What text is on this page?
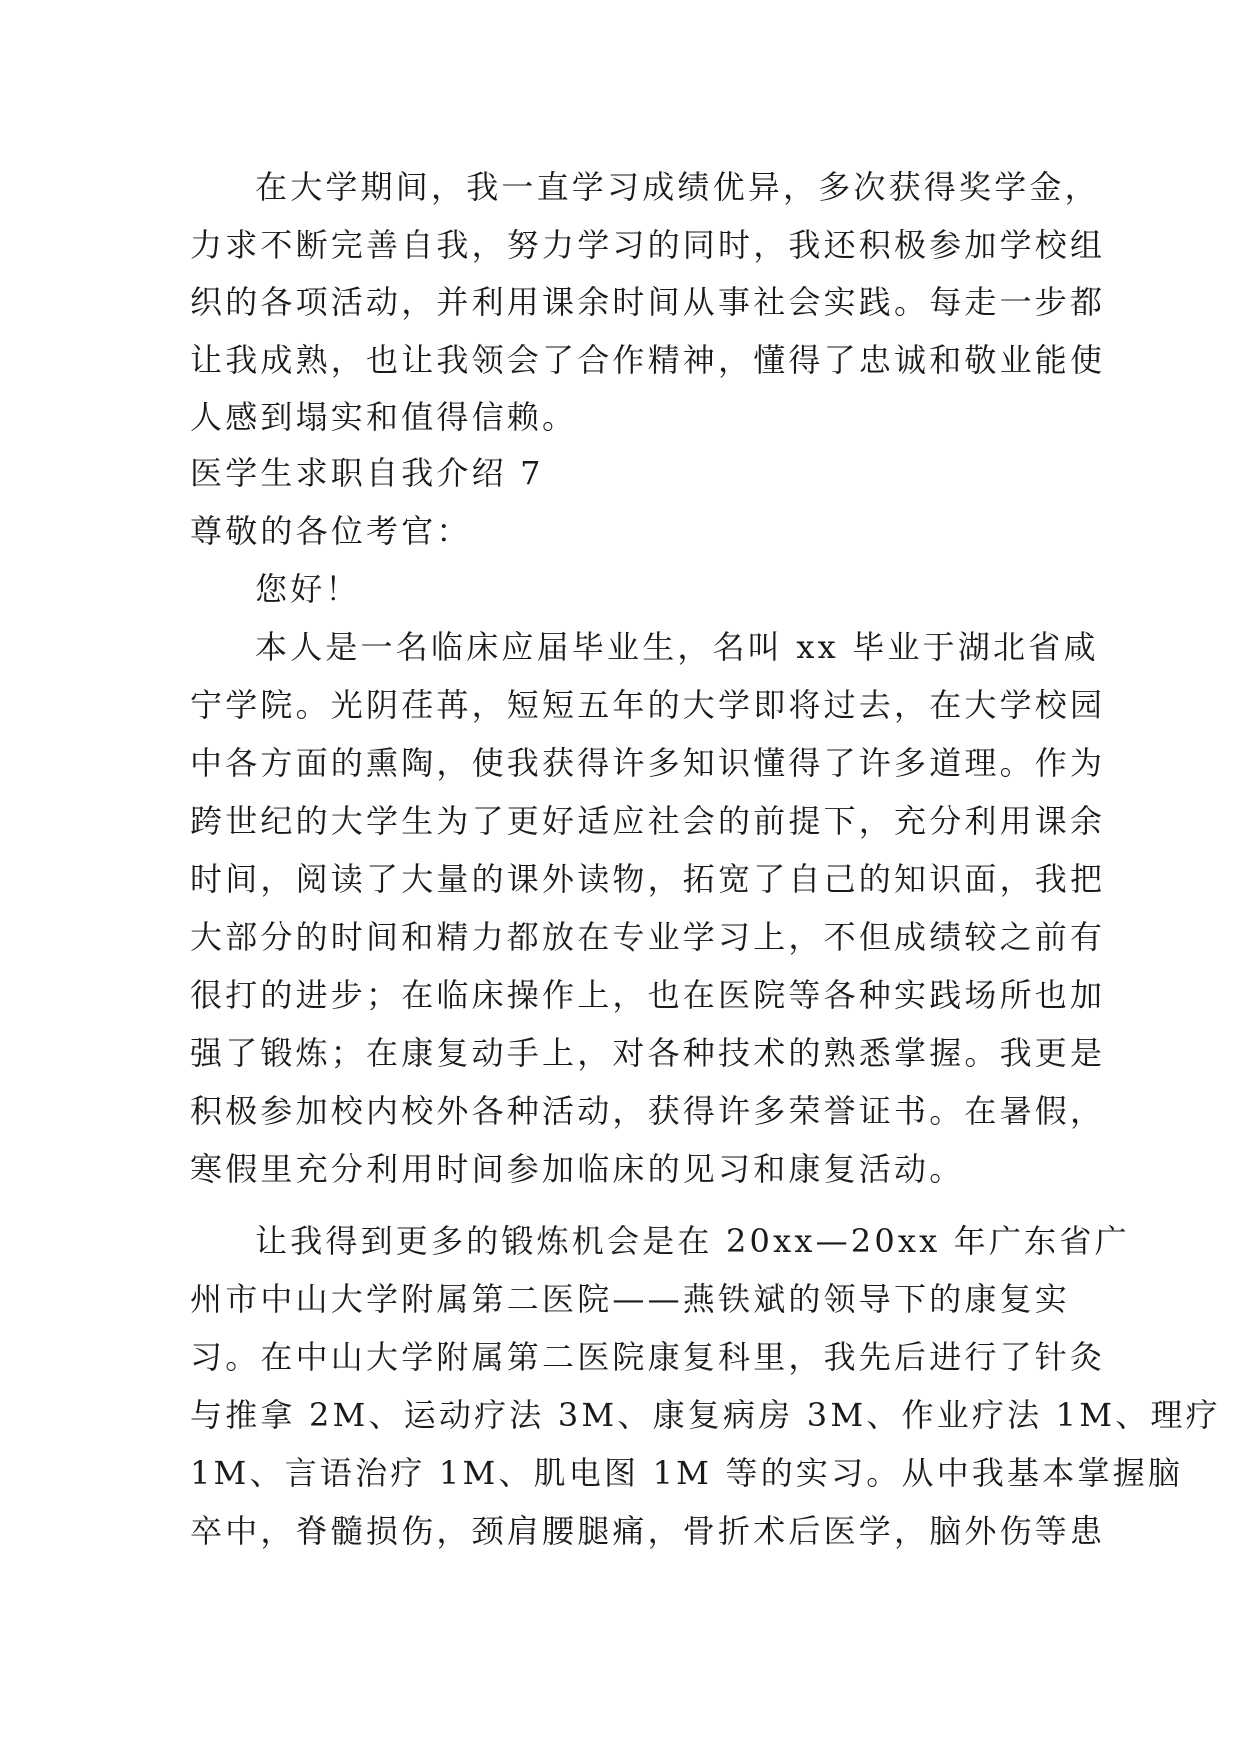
在大学期间，我一直学习成绩优异，多次获得奖学金，
力求不断完善自我，努力学习的同时，我还积极参加学校组
织的各项活动，并利用课余时间从事社会实践。每走一步都
让我成熟，也让我领会了合作精神，懂得了忠诚和敬业能使
人感到塌实和值得信赖。
医学生求职自我介绍 7
尊敬的各位考官：
您好！
本人是一名临床应届毕业生，名叫 xx 毕业于湖北省咸
宁学院。光阴荏苒，短短五年的大学即将过去，在大学校园
中各方面的熏陶，使我获得许多知识懂得了许多道理。作为
跨世纪的大学生为了更好适应社会的前提下，充分利用课余
时间，阅读了大量的课外读物，拓宽了自己的知识面，我把
大部分的时间和精力都放在专业学习上，不但成绩较之前有
很打的进步；在临床操作上，也在医院等各种实践场所也加
强了锻炼；在康复动手上，对各种技术的熟悉掌握。我更是
积极参加校内校外各种活动，获得许多荣誉证书。在暑假，
寒假里充分利用时间参加临床的见习和康复活动。
让我得到更多的锻炼机会是在 20xx—20xx 年广东省广
州市中山大学附属第二医院——燕铁斌的领导下的康复实
习。在中山大学附属第二医院康复科里，我先后进行了针灸
与推拿 2M、运动疗法 3M、康复病房 3M、作业疗法 1M、理疗
1M、言语治疗 1M、肌电图 1M 等的实习。从中我基本掌握脑
卒中，脊髓损伤，颈肩腰腿痛，骨折术后医学，脑外伤等患
